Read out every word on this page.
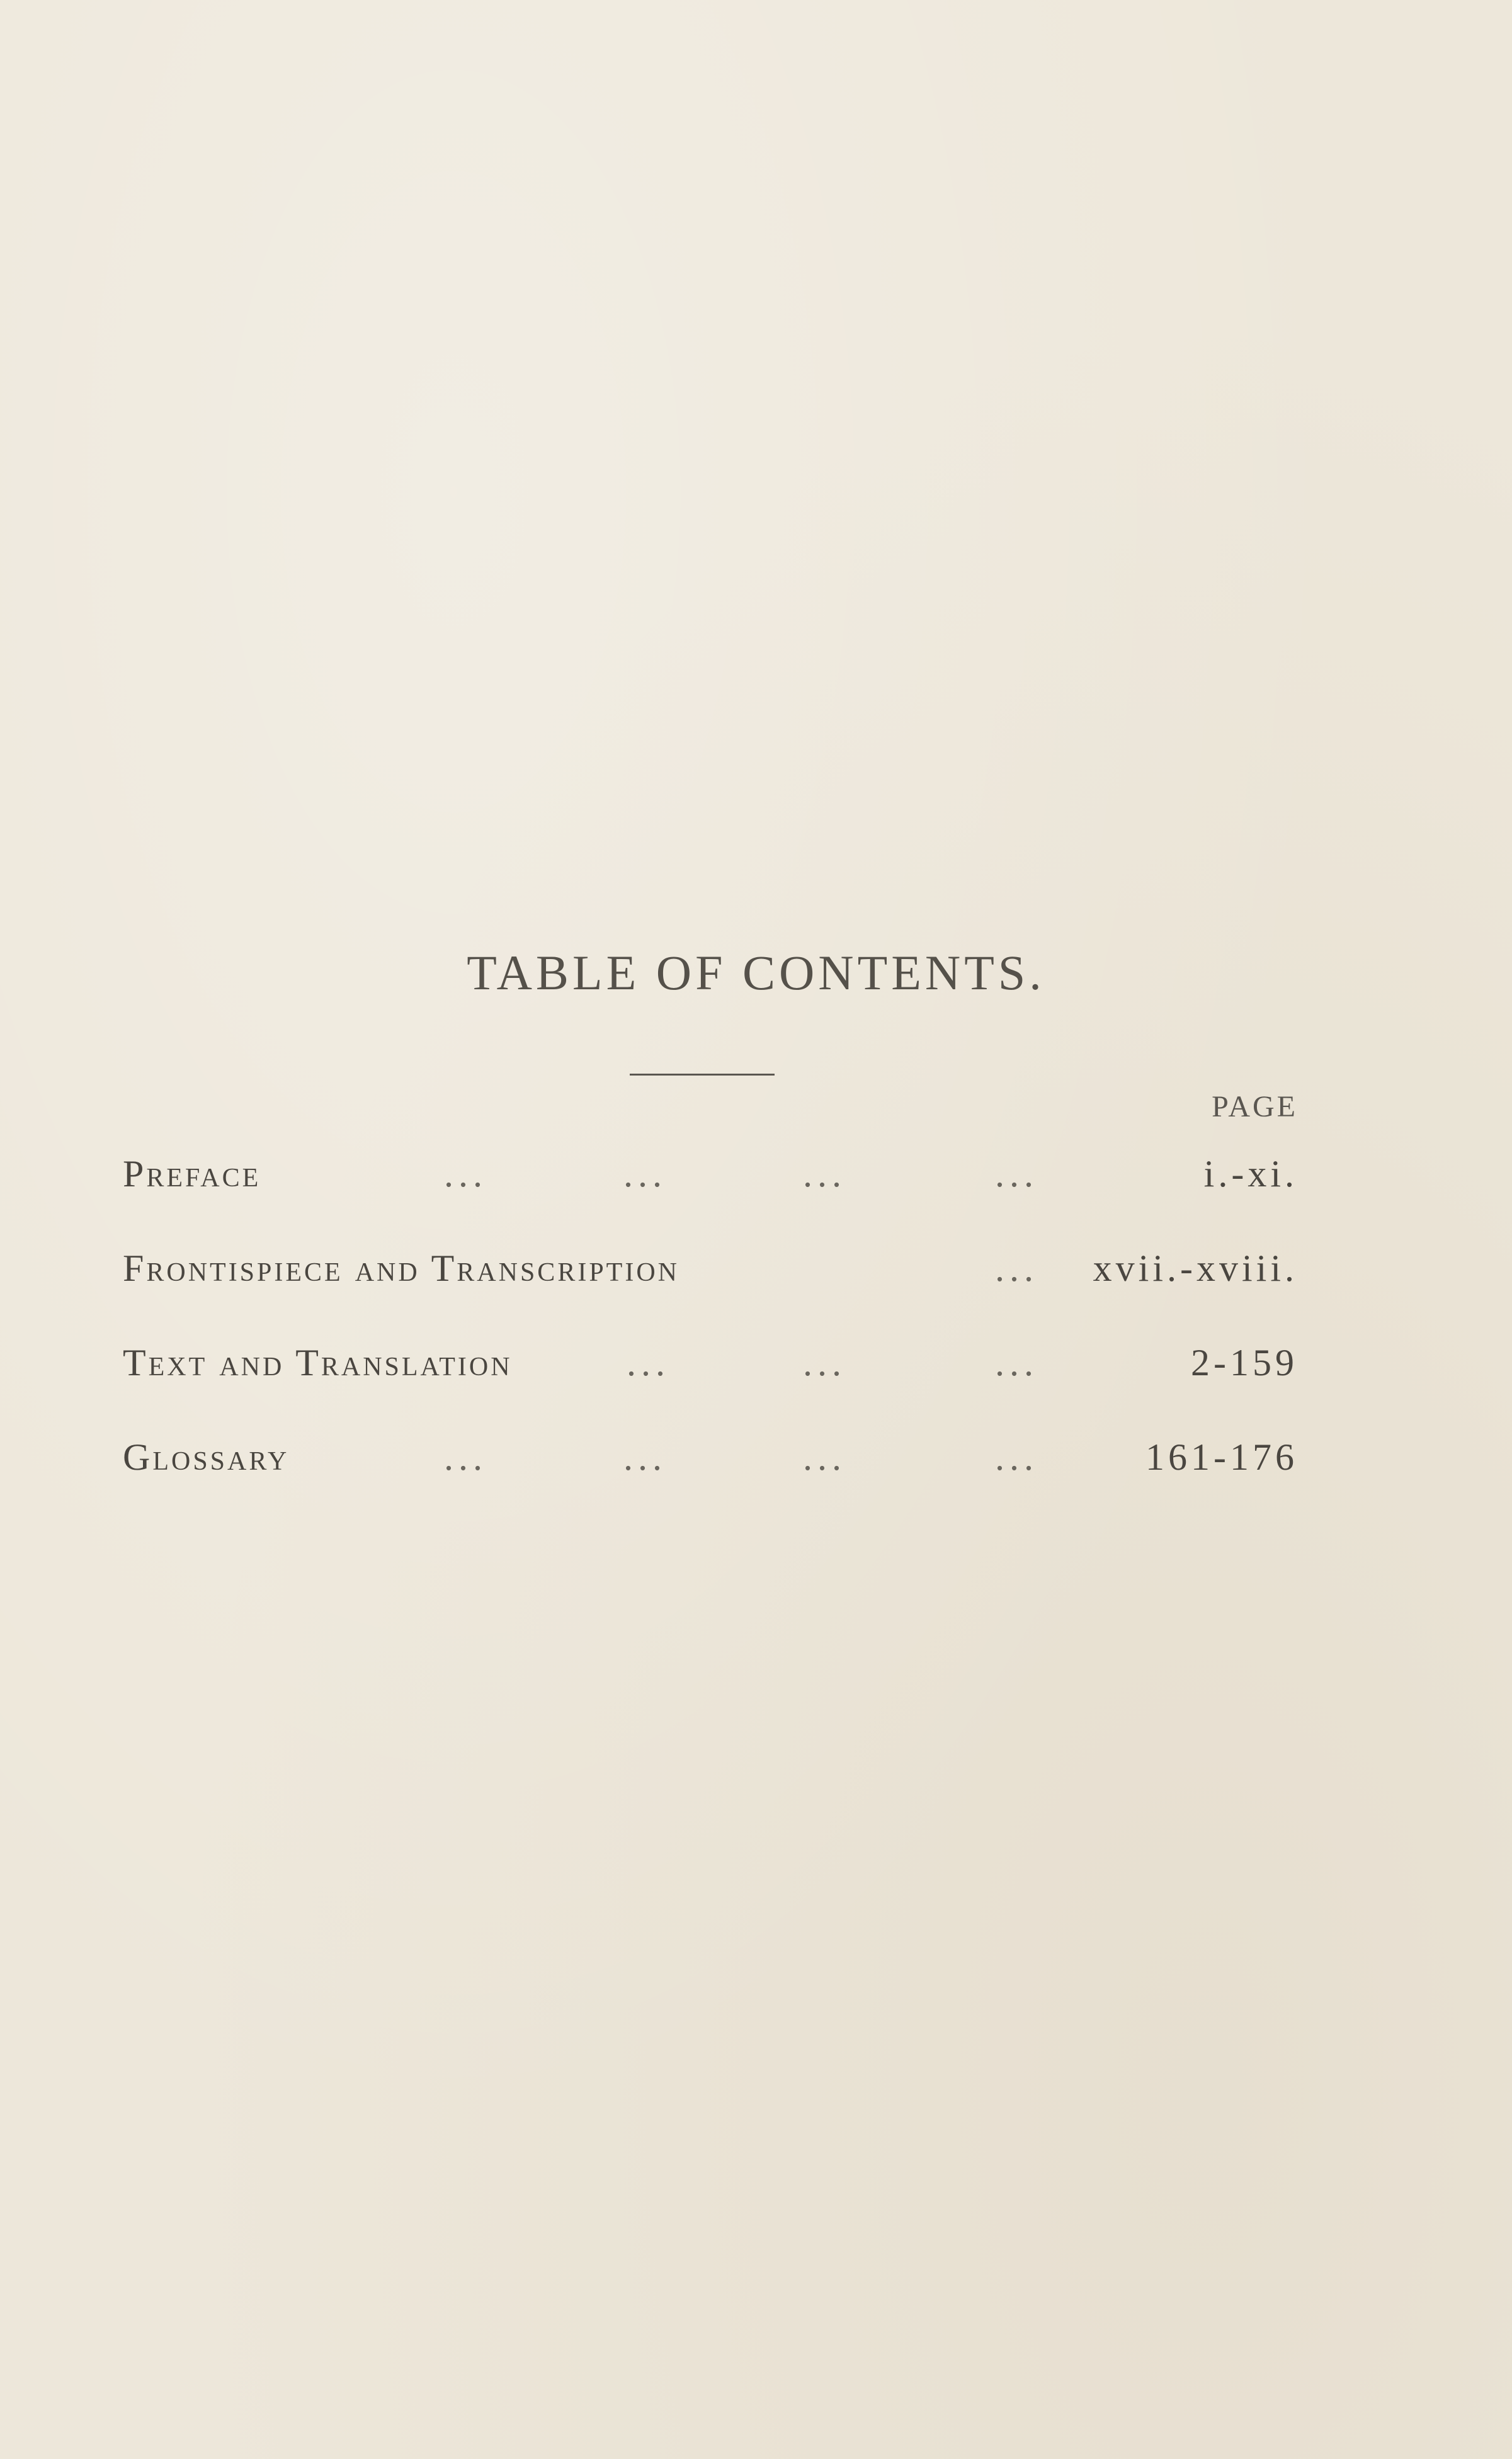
TABLE OF CONTENTS.
PAGE
Preface	...	...	...	...	i.-xi.
Frontispiece and Transcription	... xvii.-xviii.
Text and Translation	...	...	...	2-159
Glossary	...	...	...	...	161-176
